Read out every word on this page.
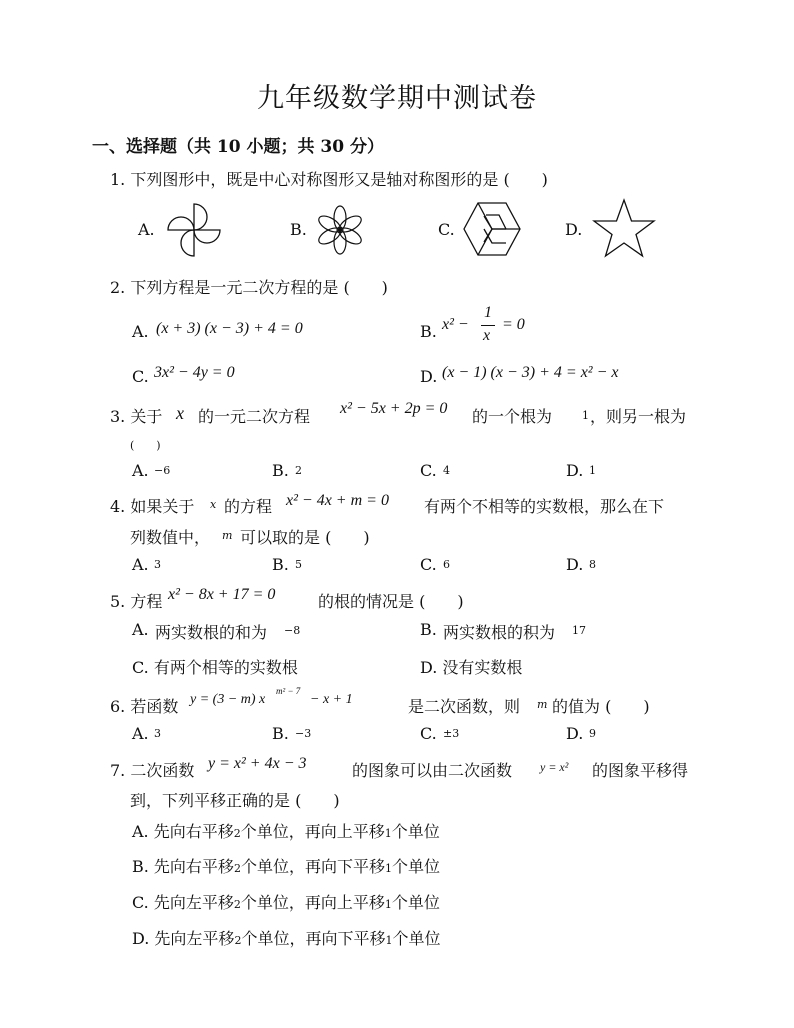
九年级数学期中测试卷
一、选择题（共 10 小题；共 30 分）
1. 下列图形中，既是中心对称图形又是轴对称图形的是 (　　)
A.	B.	C.	D.
2. 下列方程是一元二次方程的是 (　　)
A. (x + 3) (x − 3) + 4 = 0	B. x² −
1
x
= 0
C. 3x² − 4y = 0	D. (x − 1) (x − 3) + 4 = x² − x
3. 关于 x 的一元二次方程 x² − 5x + 2p = 0 的一个根为	1 ，则另一根为
(　　)
A. −6	B. 2	C. 4	D. 1
4. 如果关于 x 的方程 x² − 4x + m = 0 有两个不相等的实数根，那么在下
列数值中， m 可以取的是 (　　)
A. 3	B. 5	C. 6	D. 8
5. 方程 x² − 8x + 17 = 0	的根的情况是 (　　)
A. 两实数根的和为 −8	B. 两实数根的积为 17
C. 有两个相等的实数根	D. 没有实数根
6. 若函数 y = (3 − m) x
m² − 7
− x + 1	是二次函数，则 m 的值为 (　　)
A. 3	B. −3	C. ±3	D. 9
7. 二次函数 y = x² + 4x − 3	的图象可以由二次函数 y = x² 的图象平移得
到，下列平移正确的是 (　　)
A. 先向右平移2个单位，再向上平移1个单位
B. 先向右平移2个单位，再向下平移1个单位
C. 先向左平移2个单位，再向上平移1个单位
D. 先向左平移2个单位，再向下平移1个单位
